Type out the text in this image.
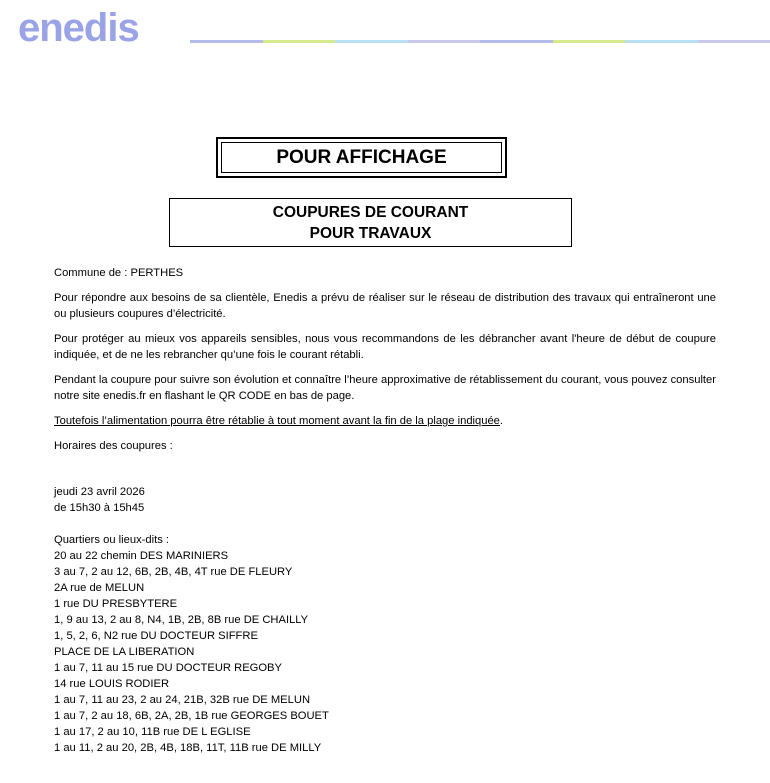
enedis
POUR AFFICHAGE
COUPURES DE COURANT
POUR TRAVAUX

Commune de : PERTHES

Pour répondre aux besoins de sa clientèle, Enedis a prévu de réaliser sur le réseau de distribution des travaux qui entraîneront une ou plusieurs coupures d’électricité.

Pour protéger au mieux vos appareils sensibles, nous vous recommandons de les débrancher avant l'heure de début de coupure indiquée, et de ne les rebrancher qu’une fois le courant rétabli.

Pendant la coupure pour suivre son évolution et connaître l’heure approximative de rétablissement du courant, vous pouvez consulter notre site enedis.fr en flashant le QR CODE en bas de page.

Toutefois l’alimentation pourra être rétablie à tout moment avant la fin de la plage indiquée.

Horaires des coupures :

jeudi 23 avril 2026
de 15h30 à 15h45
Quartiers ou lieux-dits :
20 au 22 chemin DES MARINIERS
3 au 7, 2 au 12, 6B, 2B, 4B, 4T rue DE FLEURY
2A rue de MELUN
1 rue DU PRESBYTERE
1, 9 au 13, 2 au 8, N4, 1B, 2B, 8B rue DE CHAILLY
1, 5, 2, 6, N2 rue DU DOCTEUR SIFFRE
PLACE DE LA LIBERATION
1 au 7, 11 au 15 rue DU DOCTEUR REGOBY
14 rue LOUIS RODIER
1 au 7, 11 au 23, 2 au 24, 21B, 32B rue DE MELUN
1 au 7, 2 au 18, 6B, 2A, 2B, 1B rue GEORGES BOUET
1 au 17, 2 au 10, 11B rue DE L EGLISE
1 au 11, 2 au 20, 2B, 4B, 18B, 11T, 11B rue DE MILLY
